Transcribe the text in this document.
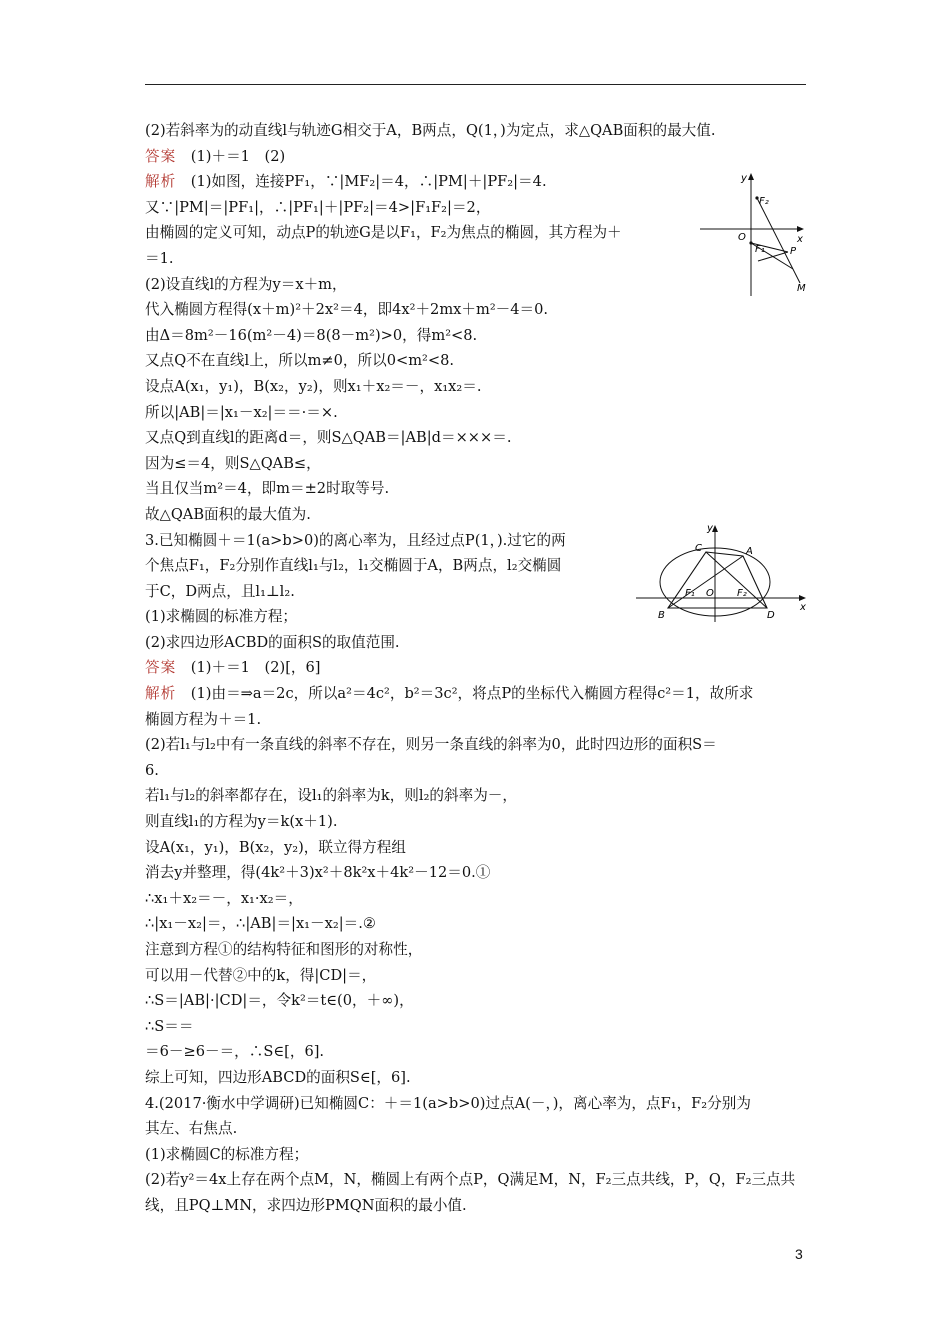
(2)若斜率为的动直线l与轨迹G相交于A，B两点，Q(1，)为定点，求△QAB面积的最大值.
答案　(1)＋＝1　(2)
解析　(1)如图，连接PF₁，∵|MF₂|＝4，∴|PM|＋|PF₂|＝4.
又∵|PM|＝|PF₁|，∴|PF₁|＋|PF₂|＝4>|F₁F₂|＝2，
由椭圆的定义可知，动点P的轨迹G是以F₁，F₂为焦点的椭圆，其方程为＋
＝1.
(2)设直线l的方程为y＝x＋m，
代入椭圆方程得(x＋m)²＋2x²＝4，即4x²＋2mx＋m²－4＝0.
由Δ＝8m²－16(m²－4)＝8(8－m²)>0，得m²<8.
又点Q不在直线l上，所以m≠0，所以0<m²<8.
设点A(x₁，y₁)，B(x₂，y₂)，则x₁＋x₂＝－，x₁x₂＝.
所以|AB|＝|x₁－x₂|＝＝·＝×.
又点Q到直线l的距离d＝，则S△QAB＝|AB|d＝×××＝.
因为≤＝4，则S△QAB≤，
当且仅当m²＝4，即m＝±2时取等号.
故△QAB面积的最大值为.
3.已知椭圆＋＝1(a>b>0)的离心率为，且经过点P(1，).过它的两
个焦点F₁，F₂分别作直线l₁与l₂，l₁交椭圆于A，B两点，l₂交椭圆
于C，D两点，且l₁⊥l₂.
(1)求椭圆的标准方程；
(2)求四边形ACBD的面积S的取值范围.
答案　(1)＋＝1　(2)[，6]
解析　(1)由＝⇒a＝2c，所以a²＝4c²，b²＝3c²，将点P的坐标代入椭圆方程得c²＝1，故所求
椭圆方程为＋＝1.
(2)若l₁与l₂中有一条直线的斜率不存在，则另一条直线的斜率为0，此时四边形的面积S＝
6.
若l₁与l₂的斜率都存在，设l₁的斜率为k，则l₂的斜率为－，
则直线l₁的方程为y＝k(x＋1).
设A(x₁，y₁)，B(x₂，y₂)，联立得方程组
消去y并整理，得(4k²＋3)x²＋8k²x＋4k²－12＝0.①
∴x₁＋x₂＝－，x₁·x₂＝，
∴|x₁－x₂|＝，∴|AB|＝|x₁－x₂|＝.②
注意到方程①的结构特征和图形的对称性，
可以用－代替②中的k，得|CD|＝，
∴S＝|AB|·|CD|＝，令k²＝t∈(0，＋∞)，
∴S＝＝
＝6－≥6－＝，∴S∈[，6].
综上可知，四边形ABCD的面积S∈[，6].
4.(2017·衡水中学调研)已知椭圆C：＋＝1(a>b>0)过点A(－，)，离心率为，点F₁，F₂分别为
其左、右焦点.
(1)求椭圆C的标准方程；
(2)若y²＝4x上存在两个点M，N，椭圆上有两个点P，Q满足M，N，F₂三点共线，P，Q，F₂三点共
线，且PQ⊥MN，求四边形PMQN面积的最小值.
y
x
O
F₂
F₁	P
M
A
C
B	D
F₁	F₂
O
y
x
3
